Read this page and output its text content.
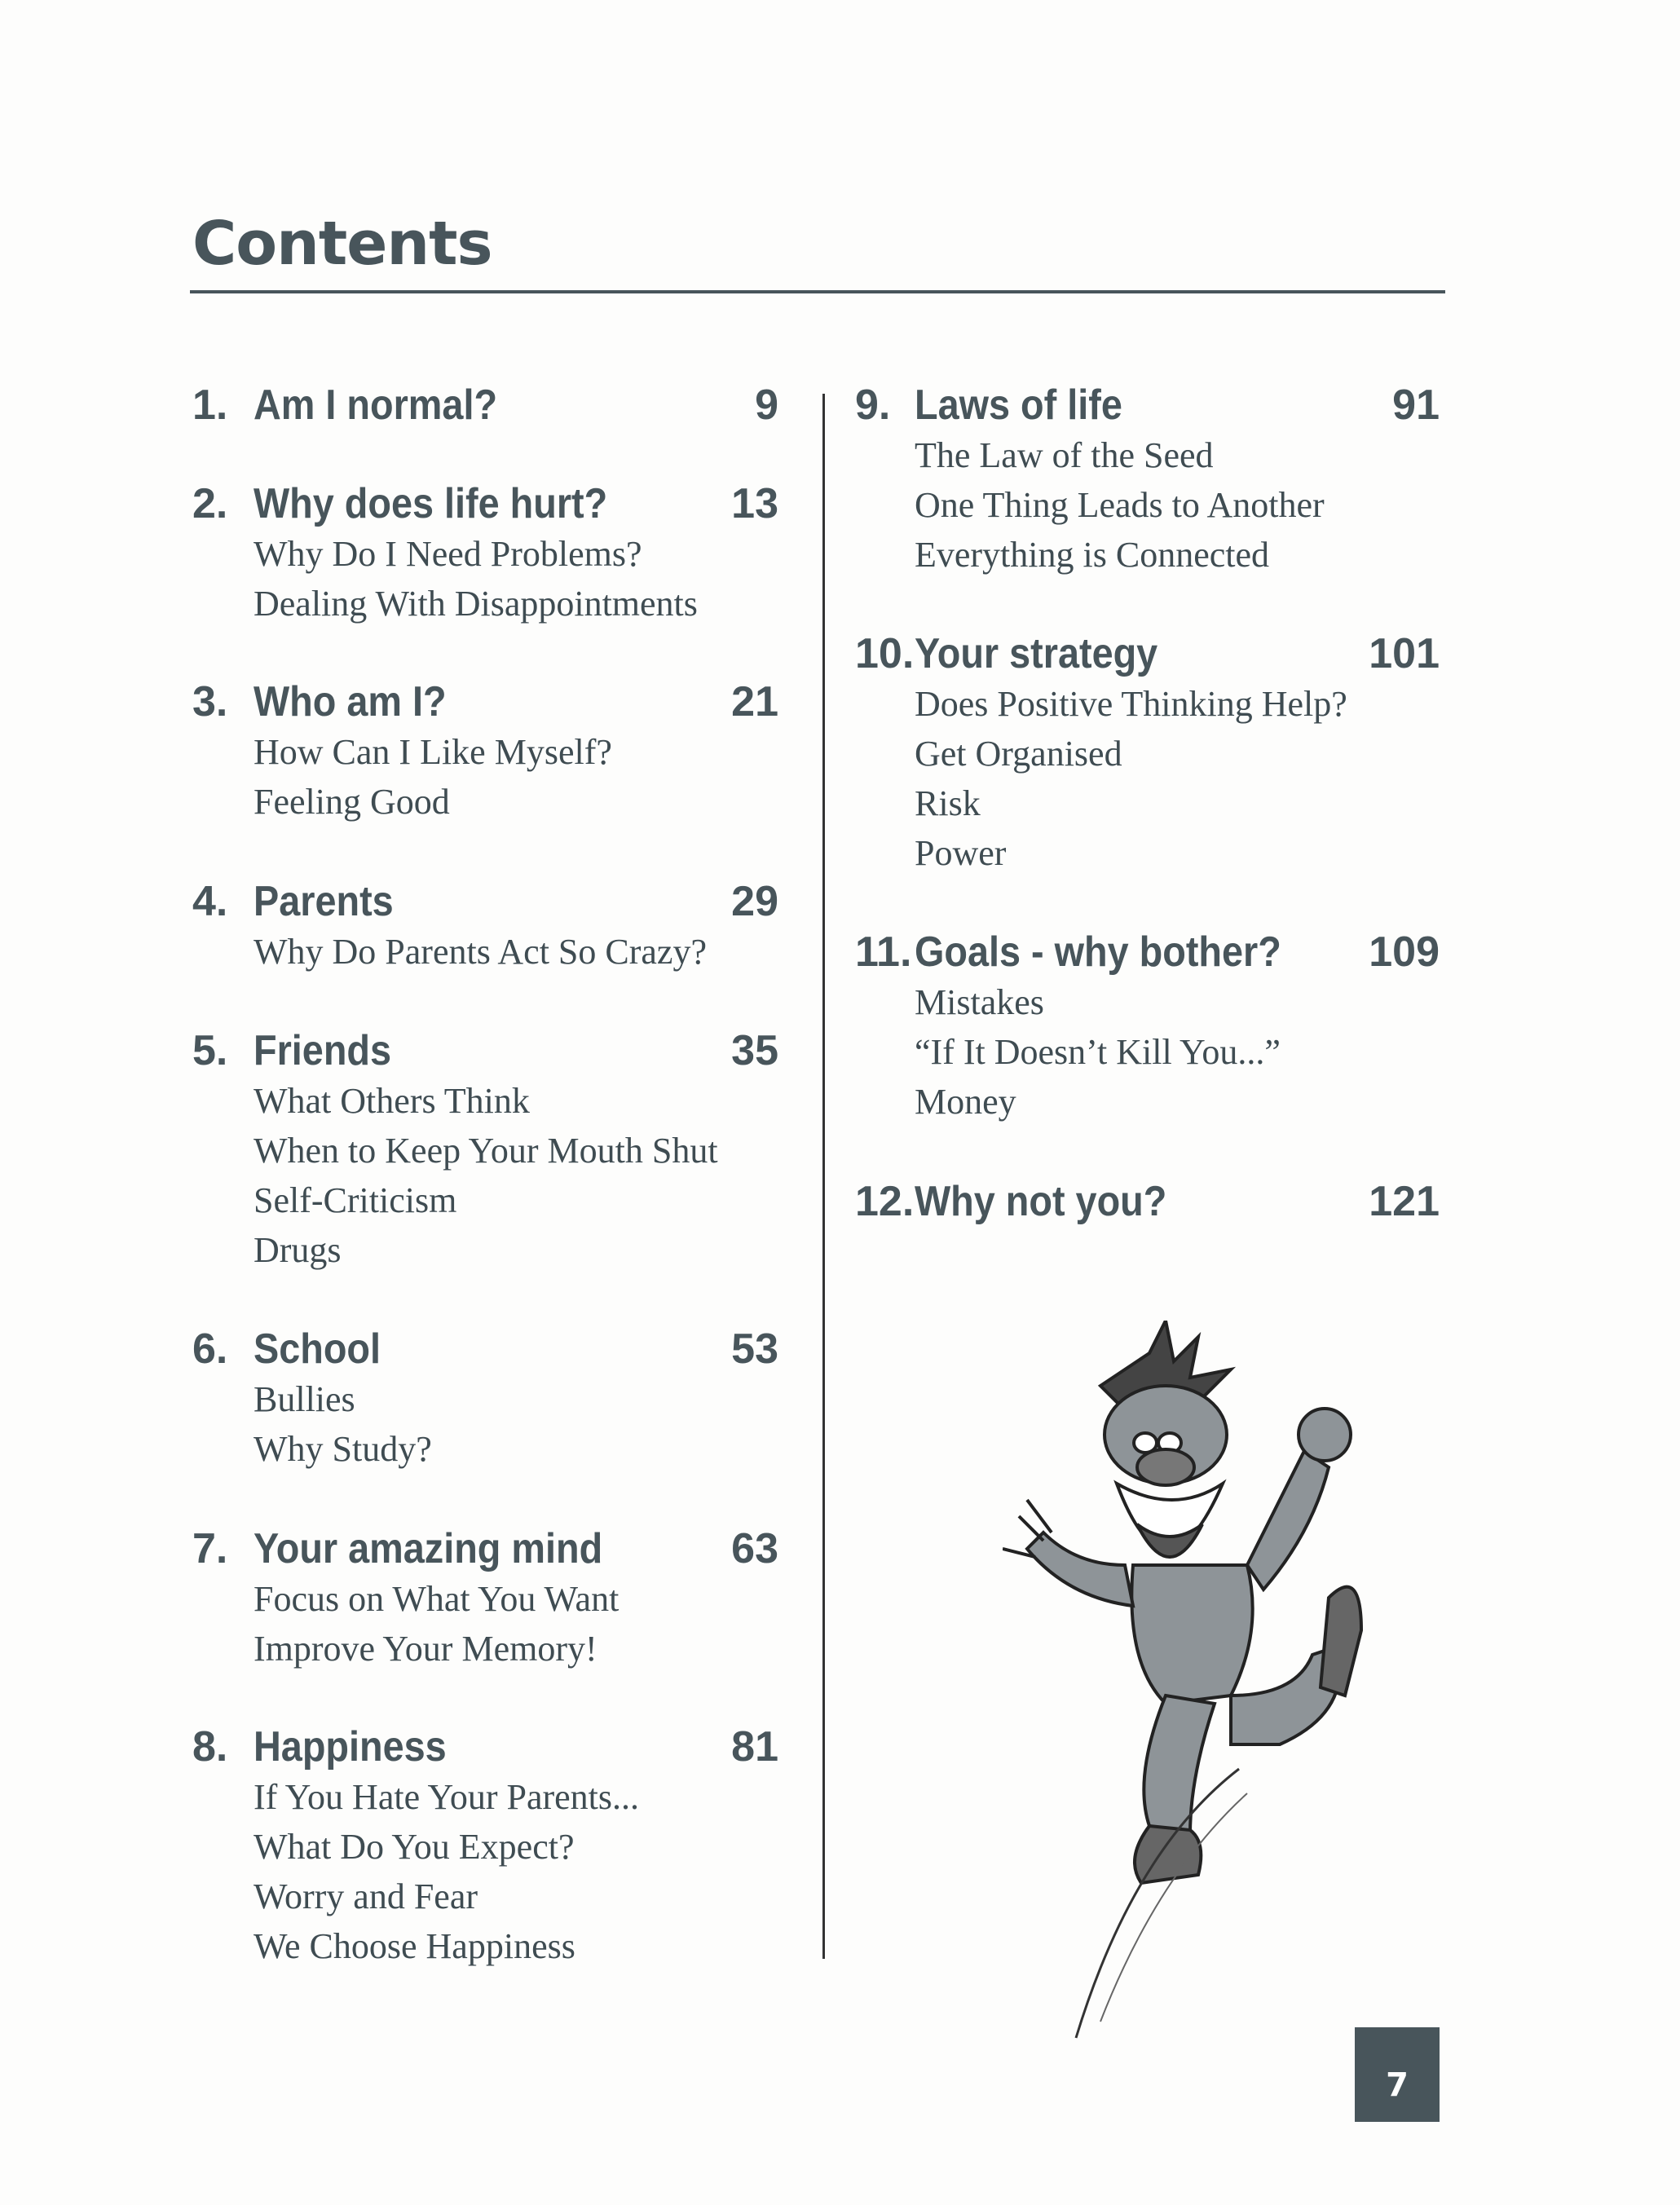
Contents
1. Am I normal?	9
2. Why does life hurt?	13
Why Do I Need Problems?
Dealing With Disappointments
3. Who am I?	21
How Can I Like Myself?
Feeling Good
4. Parents	29
Why Do Parents Act So Crazy?
5. Friends	35
What Others Think
When to Keep Your Mouth Shut
Self-Criticism
Drugs
6. School	53
Bullies
Why Study?
7. Your amazing mind	63
Focus on What You Want
Improve Your Memory!
8. Happiness	81
If You Hate Your Parents...
What Do You Expect?
Worry and Fear
We Choose Happiness
9. Laws of life	91
The Law of the Seed
One Thing Leads to Another
Everything is Connected
10. Your strategy	101
Does Positive Thinking Help?
Get Organised
Risk
Power
11. Goals - why bother? 109
Mistakes
“If It Doesn’t Kill You...”
Money
12. Why not you?	121
7
